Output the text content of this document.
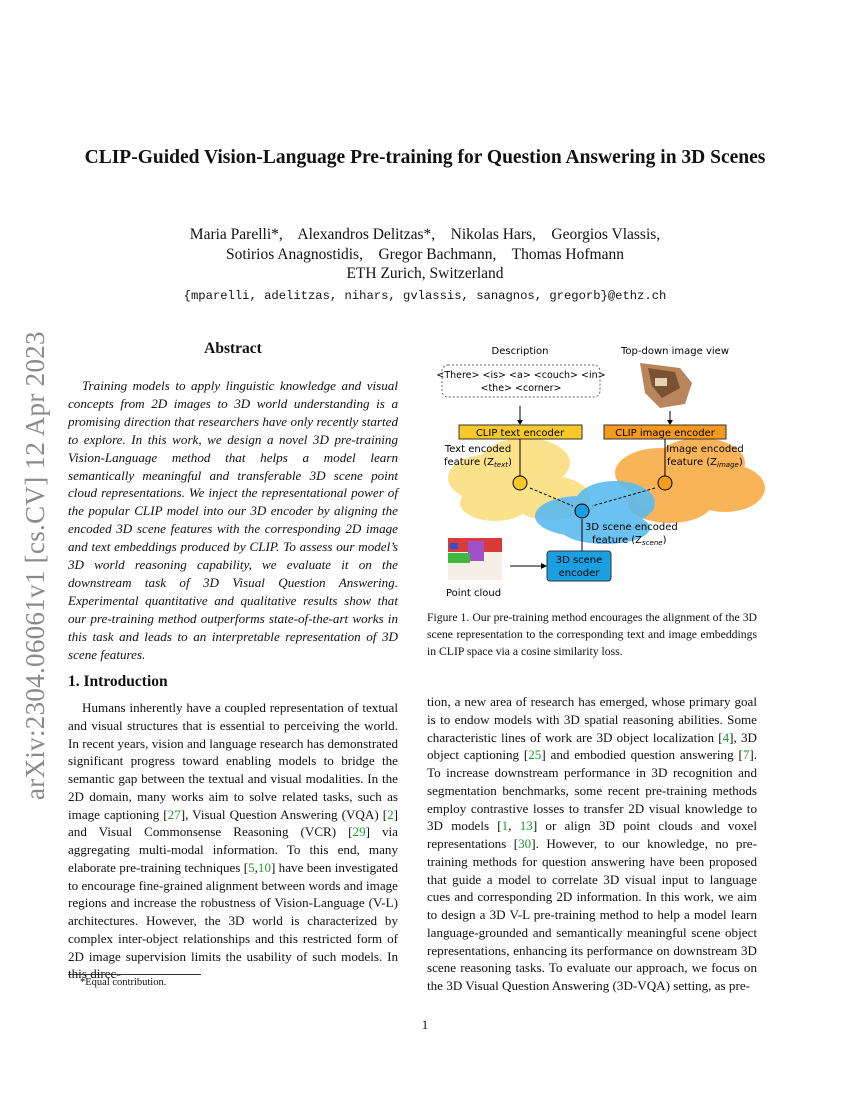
arXiv:2304.06061v1 [cs.CV] 12 Apr 2023
CLIP-Guided Vision-Language Pre-training for Question Answering in 3D Scenes
Maria Parelli*,    Alexandros Delitzas*,    Nikolas Hars,    Georgios Vlassis,
Sotirios Anagnostidis,    Gregor Bachmann,    Thomas Hofmann
ETH Zurich, Switzerland
{mparelli, adelitzas, nihars, gvlassis, sanagnos, gregorb}@ethz.ch
Abstract
Training models to apply linguistic knowledge and visual concepts from 2D images to 3D world understanding is a promising direction that researchers have only recently started to explore. In this work, we design a novel 3D pre-training Vision-Language method that helps a model learn semantically meaningful and transferable 3D scene point cloud representations. We inject the representational power of the popular CLIP model into our 3D encoder by aligning the encoded 3D scene features with the corresponding 2D image and text embeddings produced by CLIP. To assess our model’s 3D world reasoning capability, we evaluate it on the downstream task of 3D Visual Question Answering. Experimental quantitative and qualitative results show that our pre-training method outperforms state-of-the-art works in this task and leads to an interpretable representation of 3D scene features.
Description
<There> <is> <a> <couch> <in>
<the> <corner>
Top-down image view
CLIP text encoder	CLIP image encoder
Text encoded
feature $(Z_{text})$
Image encoded
feature $(Z_{image})$
3D scene encoded
feature $(Z_{scene})$
3D scene
encoder
Point cloud
Figure 1. Our pre-training method encourages the alignment of the 3D scene representation to the corresponding text and image embeddings in CLIP space via a cosine similarity loss.
1. Introduction
Humans inherently have a coupled representation of textual and visual structures that is essential to perceiving the world. In recent years, vision and language research has demonstrated significant progress toward enabling models to bridge the semantic gap between the textual and visual modalities. In the 2D domain, many works aim to solve related tasks, such as image captioning [27], Visual Question Answering (VQA) [2] and Visual Commonsense Reasoning (VCR) [29] via aggregating multi-modal information. To this end, many elaborate pre-training techniques [5,10] have been investigated to encourage fine-grained alignment between words and image regions and increase the robustness of Vision-Language (V-L) architectures. However, the 3D world is characterized by complex inter-object relationships and this restricted form of 2D image supervision limits the usability of such models. In this direc-
tion, a new area of research has emerged, whose primary goal is to endow models with 3D spatial reasoning abilities. Some characteristic lines of work are 3D object localization [4], 3D object captioning [25] and embodied question answering [7]. To increase downstream performance in 3D recognition and segmentation benchmarks, some recent pre-training methods employ contrastive losses to transfer 2D visual knowledge to 3D models [1, 13] or align 3D point clouds and voxel representations [30]. However, to our knowledge, no pre-training methods for question answering have been proposed that guide a model to correlate 3D visual input to language cues and corresponding 2D information. In this work, we aim to design a 3D V-L pre-training method to help a model learn language-grounded and semantically meaningful scene object representations, enhancing its performance on downstream 3D scene reasoning tasks. To evaluate our approach, we focus on the 3D Visual Question Answering (3D-VQA) setting, as pre-
*Equal contribution.
1
